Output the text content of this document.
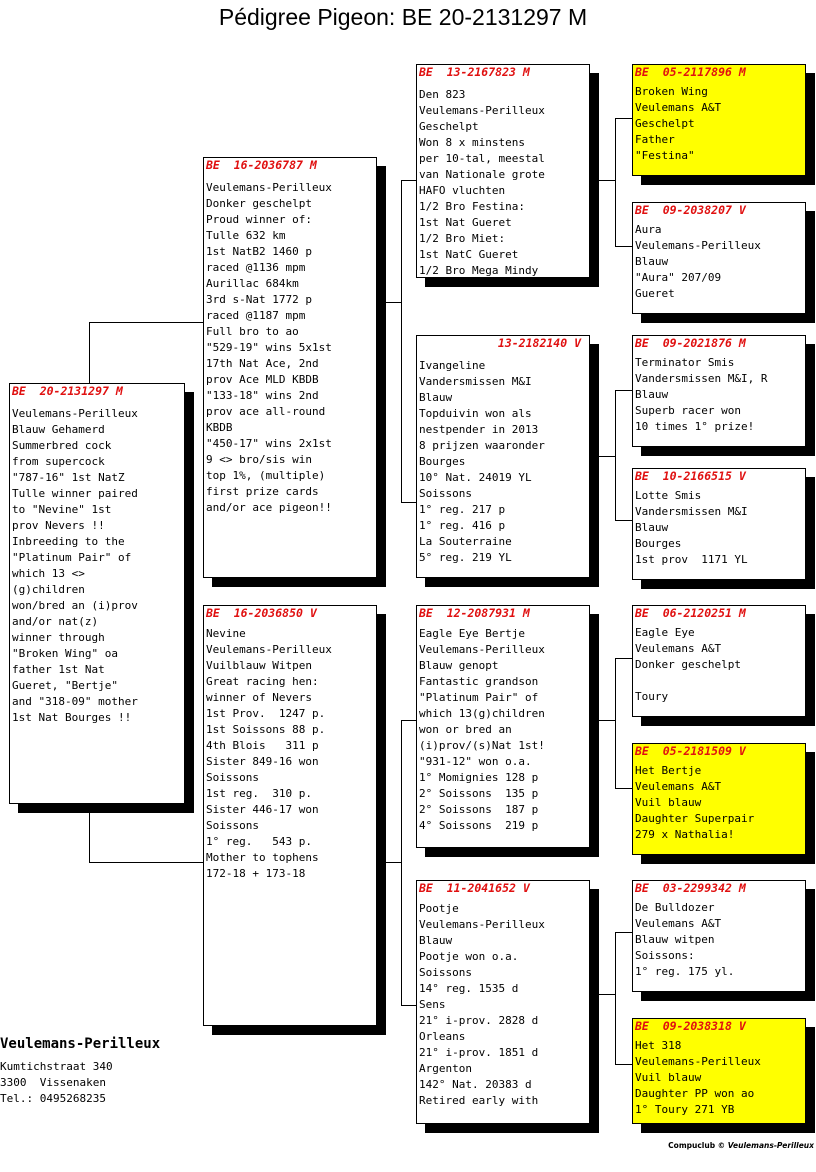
Pédigree Pigeon: BE 20-2131297 M
BE  20-2131297 M
Veulemans-Perilleux
Blauw Gehamerd
Summerbred cock
from supercock
"787-16" 1st NatZ
Tulle winner paired
to "Nevine" 1st
prov Nevers !!
Inbreeding to the
"Platinum Pair" of
which 13 <>
(g)children
won/bred an (i)prov
and/or nat(z)
winner through
"Broken Wing" oa
father 1st Nat
Gueret, "Bertje"
and "318-09" mother
1st Nat Bourges !!
BE  16-2036787 M
Veulemans-Perilleux
Donker geschelpt
Proud winner of:
Tulle 632 km
1st NatB2 1460 p
raced @1136 mpm
Aurillac 684km
3rd s-Nat 1772 p
raced @1187 mpm
Full bro to ao
"529-19" wins 5x1st
17th Nat Ace, 2nd
prov Ace MLD KBDB
"133-18" wins 2nd
prov ace all-round
KBDB
"450-17" wins 2x1st
9 <> bro/sis win
top 1%, (multiple)
first prize cards
and/or ace pigeon!!
BE  16-2036850 V
Nevine
Veulemans-Perilleux
Vuilblauw Witpen
Great racing hen:
winner of Nevers
1st Prov.  1247 p.
1st Soissons 88 p.
4th Blois   311 p
Sister 849-16 won
Soissons
1st reg.  310 p.
Sister 446-17 won
Soissons
1° reg.   543 p.
Mother to tophens
172-18 + 173-18
BE  13-2167823 M
Den 823
Veulemans-Perilleux
Geschelpt
Won 8 x minstens
per 10-tal, meestal
van Nationale grote
HAFO vluchten
1/2 Bro Festina:
1st Nat Gueret
1/2 Bro Miet:
1st NatC Gueret
1/2 Bro Mega Mindy
13-2182140 V
Ivangeline
Vandersmissen M&I
Blauw
Topduivin won als
nestpender in 2013
8 prijzen waaronder
Bourges
10° Nat. 24019 YL
Soissons
1° reg. 217 p
1° reg. 416 p
La Souterraine
5° reg. 219 YL
BE  12-2087931 M
Eagle Eye Bertje
Veulemans-Perilleux
Blauw genopt
Fantastic grandson
"Platinum Pair" of
which 13(g)children
won or bred an
(i)prov/(s)Nat 1st!
"931-12" won o.a.
1° Momignies 128 p
2° Soissons  135 p
2° Soissons  187 p
4° Soissons  219 p
BE  11-2041652 V
Pootje
Veulemans-Perilleux
Blauw
Pootje won o.a.
Soissons
14° reg. 1535 d
Sens
21° i-prov. 2828 d
Orleans
21° i-prov. 1851 d
Argenton
142° Nat. 20383 d
Retired early with
BE  05-2117896 M
Broken Wing
Veulemans A&T
Geschelpt
Father
"Festina"
BE  09-2038207 V
Aura
Veulemans-Perilleux
Blauw
"Aura" 207/09
Gueret
BE  09-2021876 M
Terminator Smis
Vandersmissen M&I, R
Blauw
Superb racer won
10 times 1° prize!
BE  10-2166515 V
Lotte Smis
Vandersmissen M&I
Blauw
Bourges
1st prov  1171 YL
BE  06-2120251 M
Eagle Eye
Veulemans A&T
Donker geschelpt
Toury
BE  05-2181509 V
Het Bertje
Veulemans A&T
Vuil blauw
Daughter Superpair
279 x Nathalia!
BE  03-2299342 M
De Bulldozer
Veulemans A&T
Blauw witpen
Soissons:
1° reg. 175 yl.
BE  09-2038318 V
Het 318
Veulemans-Perilleux
Vuil blauw
Daughter PP won ao
1° Toury 271 YB
Veulemans-Perilleux
Kumtichstraat 340
3300  Vissenaken
Tel.: 0495268235
Compuclub © Veulemans-Perilleux
